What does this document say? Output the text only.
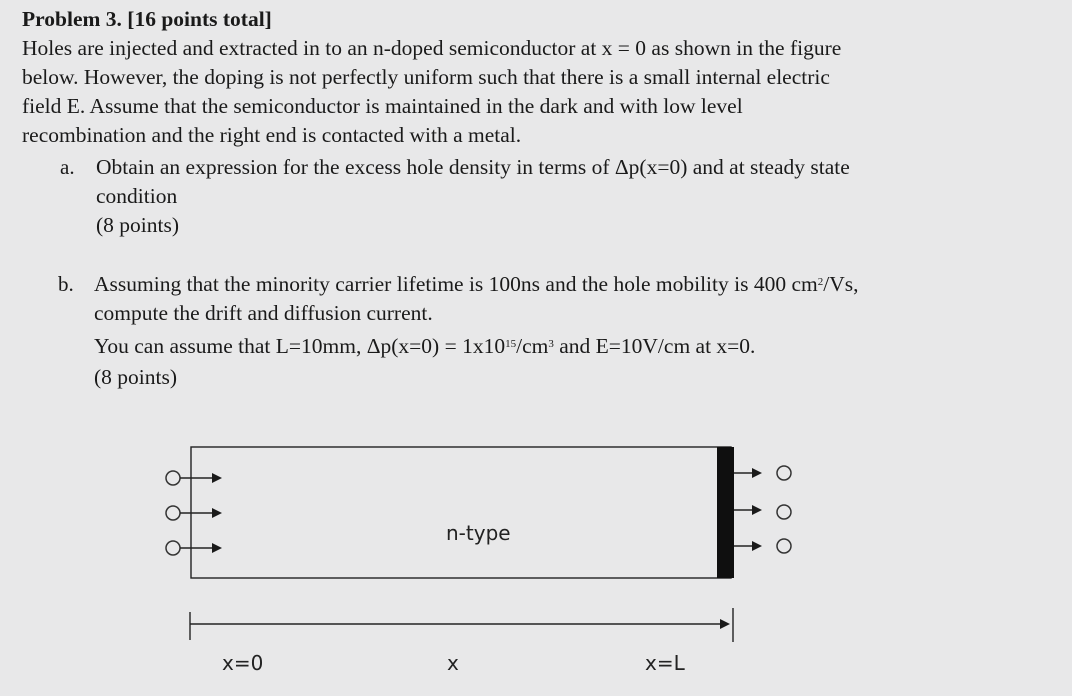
Problem 3. [16 points total]
Holes are injected and extracted in to an n-doped semiconductor at x = 0 as shown in the figure
below. However, the doping is not perfectly uniform such that there is a small internal electric
field E. Assume that the semiconductor is maintained in the dark and with low level
recombination and the right end is contacted with a metal.
a. Obtain an expression for the excess hole density in terms of Δp(x=0) and at steady state
condition
(8 points)
b. Assuming that the minority carrier lifetime is 100ns and the hole mobility is 400 $cm^2/Vs$,
compute the drift and diffusion current.
You can assume that L=10mm, $\Delta p(x=0) = 1x10^{15}/cm^3$ and E=10V/cm at x=0.
(8 points)
n-type
x=0	x	x=L
